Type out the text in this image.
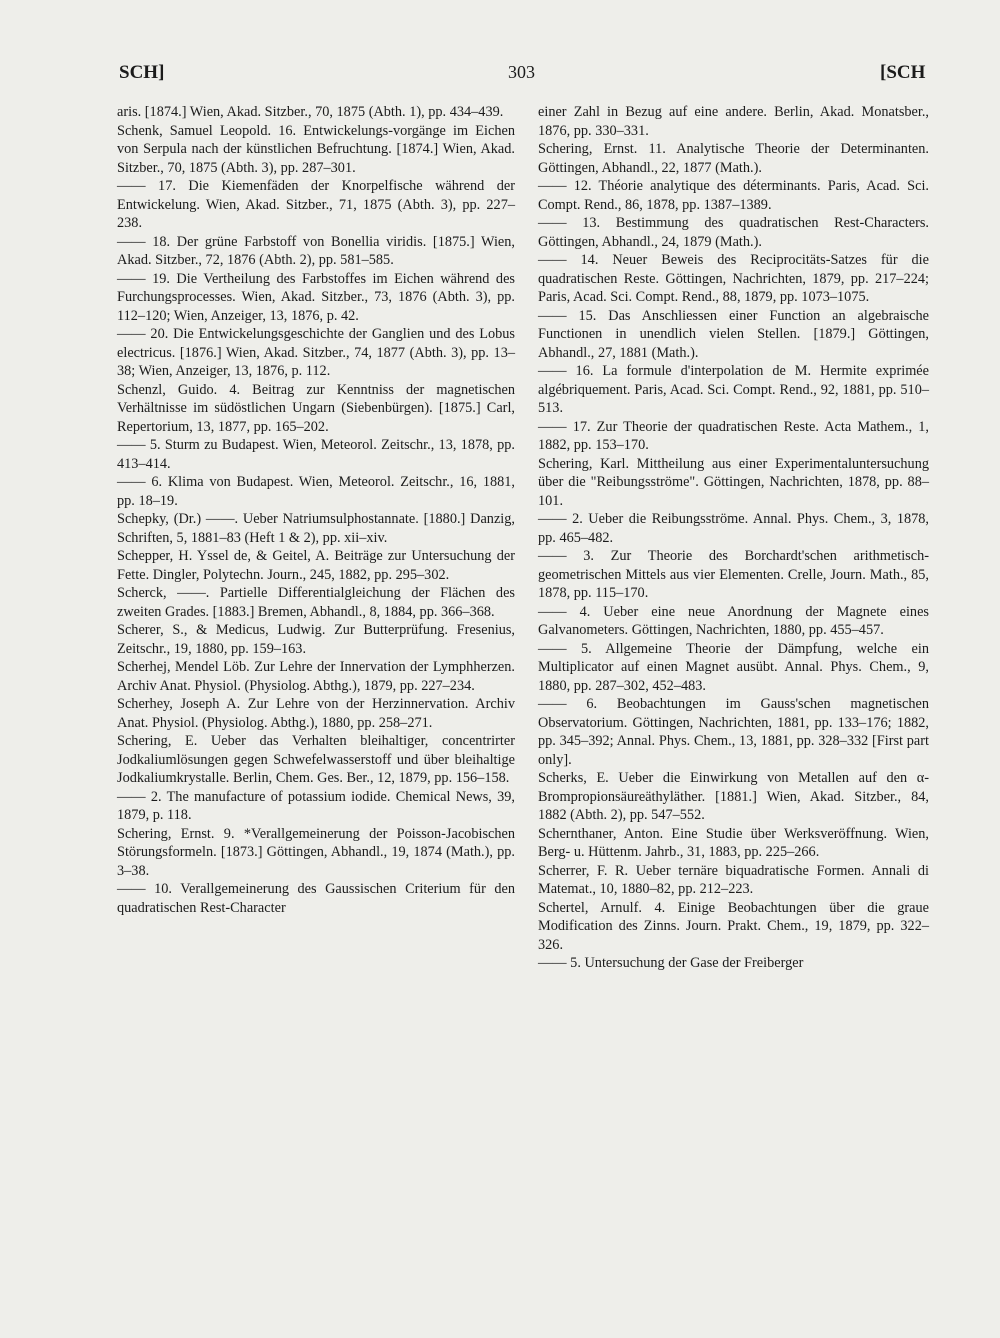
SCH]	303	[SCH

aris. [1874.] Wien, Akad. Sitzber., 70, 1875 (Abth. 1), pp. 434–439.

Schenk, Samuel Leopold. 16. Entwickelungs-vorgänge im Eichen von Serpula nach der künstlichen Befruchtung. [1874.] Wien, Akad. Sitzber., 70, 1875 (Abth. 3), pp. 287–301.

—— 17. Die Kiemenfäden der Knorpelfische während der Entwickelung. Wien, Akad. Sitzber., 71, 1875 (Abth. 3), pp. 227–238.

—— 18. Der grüne Farbstoff von Bonellia viridis. [1875.] Wien, Akad. Sitzber., 72, 1876 (Abth. 2), pp. 581–585.

—— 19. Die Vertheilung des Farbstoffes im Eichen während des Furchungsprocesses. Wien, Akad. Sitzber., 73, 1876 (Abth. 3), pp. 112–120; Wien, Anzeiger, 13, 1876, p. 42.

—— 20. Die Entwickelungsgeschichte der Ganglien und des Lobus electricus. [1876.] Wien, Akad. Sitzber., 74, 1877 (Abth. 3), pp. 13–38; Wien, Anzeiger, 13, 1876, p. 112.

Schenzl, Guido. 4. Beitrag zur Kenntniss der magnetischen Verhältnisse im südöstlichen Ungarn (Siebenbürgen). [1875.] Carl, Repertorium, 13, 1877, pp. 165–202.

—— 5. Sturm zu Budapest. Wien, Meteorol. Zeitschr., 13, 1878, pp. 413–414.

—— 6. Klima von Budapest. Wien, Meteorol. Zeitschr., 16, 1881, pp. 18–19.

Schepky, (Dr.) ——. Ueber Natriumsulphostannate. [1880.] Danzig, Schriften, 5, 1881–83 (Heft 1 & 2), pp. xii–xiv.

Schepper, H. Yssel de, & Geitel, A. Beiträge zur Untersuchung der Fette. Dingler, Polytechn. Journ., 245, 1882, pp. 295–302.

Scherck, ——. Partielle Differentialgleichung der Flächen des zweiten Grades. [1883.] Bremen, Abhandl., 8, 1884, pp. 366–368.

Scherer, S., & Medicus, Ludwig. Zur Butterprüfung. Fresenius, Zeitschr., 19, 1880, pp. 159–163.

Scherhej, Mendel Löb. Zur Lehre der Innervation der Lymphherzen. Archiv Anat. Physiol. (Physiolog. Abthg.), 1879, pp. 227–234.

Scherhey, Joseph A. Zur Lehre von der Herzinnervation. Archiv Anat. Physiol. (Physiolog. Abthg.), 1880, pp. 258–271.

Schering, E. Ueber das Verhalten bleihaltiger, concentrirter Jodkaliumlösungen gegen Schwefelwasserstoff und über bleihaltige Jodkaliumkrystalle. Berlin, Chem. Ges. Ber., 12, 1879, pp. 156–158.

—— 2. The manufacture of potassium iodide. Chemical News, 39, 1879, p. 118.

Schering, Ernst. 9. *Verallgemeinerung der Poisson-Jacobischen Störungsformeln. [1873.] Göttingen, Abhandl., 19, 1874 (Math.), pp. 3–38.

—— 10. Verallgemeinerung des Gaussischen Criterium für den quadratischen Rest-Character

einer Zahl in Bezug auf eine andere. Berlin, Akad. Monatsber., 1876, pp. 330–331.

Schering, Ernst. 11. Analytische Theorie der Determinanten. Göttingen, Abhandl., 22, 1877 (Math.).

—— 12. Théorie analytique des déterminants. Paris, Acad. Sci. Compt. Rend., 86, 1878, pp. 1387–1389.

—— 13. Bestimmung des quadratischen Rest-Characters. Göttingen, Abhandl., 24, 1879 (Math.).

—— 14. Neuer Beweis des Reciprocitäts-Satzes für die quadratischen Reste. Göttingen, Nachrichten, 1879, pp. 217–224; Paris, Acad. Sci. Compt. Rend., 88, 1879, pp. 1073–1075.

—— 15. Das Anschliessen einer Function an algebraische Functionen in unendlich vielen Stellen. [1879.] Göttingen, Abhandl., 27, 1881 (Math.).

—— 16. La formule d'interpolation de M. Hermite exprimée algébriquement. Paris, Acad. Sci. Compt. Rend., 92, 1881, pp. 510–513.

—— 17. Zur Theorie der quadratischen Reste. Acta Mathem., 1, 1882, pp. 153–170.

Schering, Karl. Mittheilung aus einer Experimentaluntersuchung über die "Reibungsströme". Göttingen, Nachrichten, 1878, pp. 88–101.

—— 2. Ueber die Reibungsströme. Annal. Phys. Chem., 3, 1878, pp. 465–482.

—— 3. Zur Theorie des Borchardt'schen arithmetisch-geometrischen Mittels aus vier Elementen. Crelle, Journ. Math., 85, 1878, pp. 115–170.

—— 4. Ueber eine neue Anordnung der Magnete eines Galvanometers. Göttingen, Nachrichten, 1880, pp. 455–457.

—— 5. Allgemeine Theorie der Dämpfung, welche ein Multiplicator auf einen Magnet ausübt. Annal. Phys. Chem., 9, 1880, pp. 287–302, 452–483.

—— 6. Beobachtungen im Gauss'schen magnetischen Observatorium. Göttingen, Nachrichten, 1881, pp. 133–176; 1882, pp. 345–392; Annal. Phys. Chem., 13, 1881, pp. 328–332 [First part only].

Scherks, E. Ueber die Einwirkung von Metallen auf den α-Brompropionsäureäthyläther. [1881.] Wien, Akad. Sitzber., 84, 1882 (Abth. 2), pp. 547–552.

Schernthaner, Anton. Eine Studie über Werksveröffnung. Wien, Berg- u. Hüttenm. Jahrb., 31, 1883, pp. 225–266.

Scherrer, F. R. Ueber ternäre biquadratische Formen. Annali di Matemat., 10, 1880–82, pp. 212–223.

Schertel, Arnulf. 4. Einige Beobachtungen über die graue Modification des Zinns. Journ. Prakt. Chem., 19, 1879, pp. 322–326.

—— 5. Untersuchung der Gase der Freiberger
